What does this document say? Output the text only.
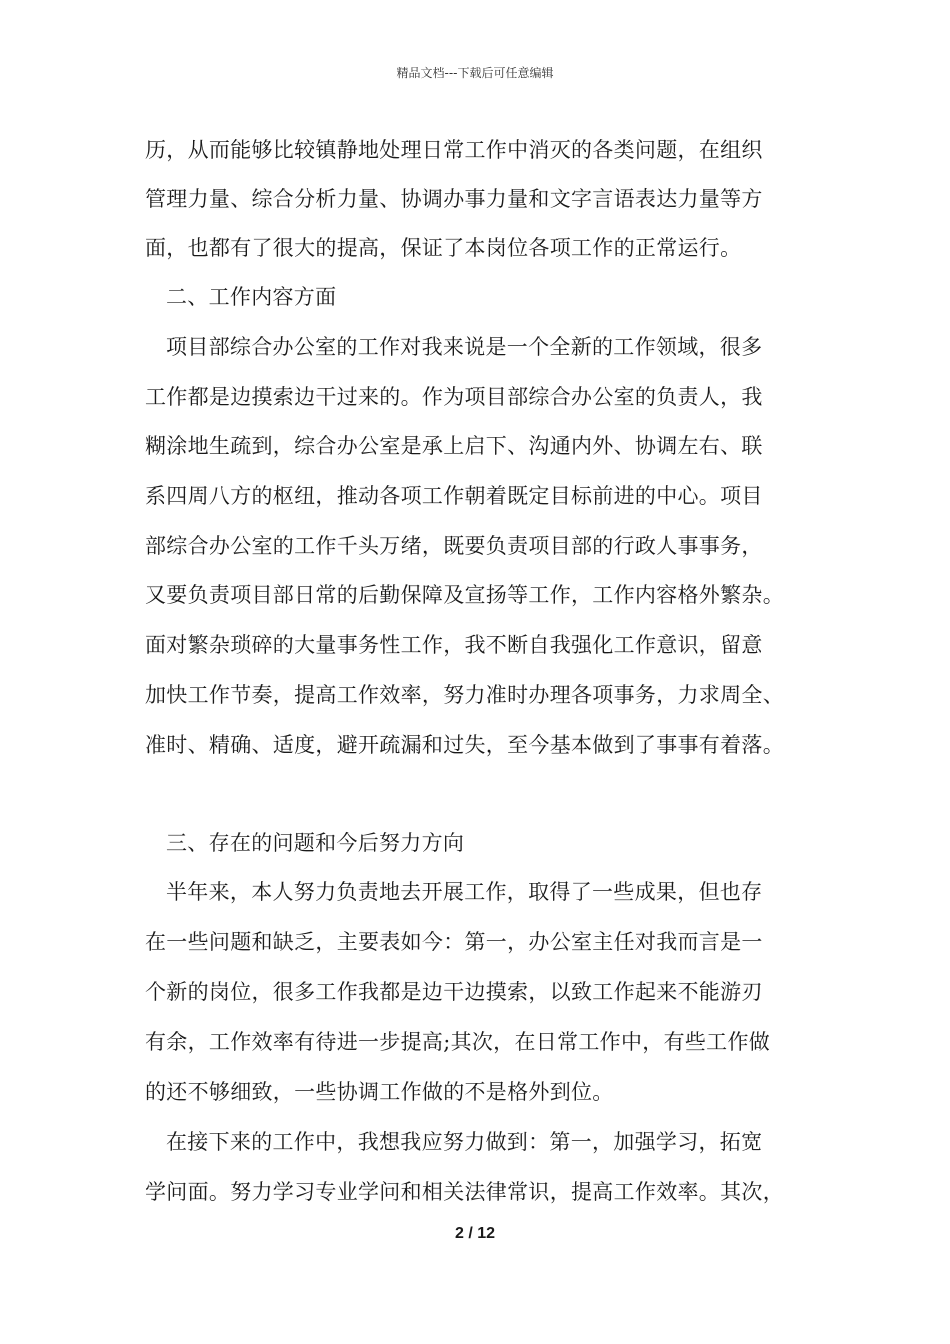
精品文档---下载后可任意编辑
历，从而能够比较镇静地处理日常工作中消灭的各类问题，在组织
管理力量、综合分析力量、协调办事力量和文字言语表达力量等方
面，也都有了很大的提高，保证了本岗位各项工作的正常运行。
二、工作内容方面
项目部综合办公室的工作对我来说是一个全新的工作领域，很多
工作都是边摸索边干过来的。作为项目部综合办公室的负责人，我
糊涂地生疏到，综合办公室是承上启下、沟通内外、协调左右、联
系四周八方的枢纽，推动各项工作朝着既定目标前进的中心。项目
部综合办公室的工作千头万绪，既要负责项目部的行政人事事务，
又要负责项目部日常的后勤保障及宣扬等工作，工作内容格外繁杂。
面对繁杂琐碎的大量事务性工作，我不断自我强化工作意识，留意
加快工作节奏，提高工作效率，努力准时办理各项事务，力求周全、
准时、精确、适度，避开疏漏和过失，至今基本做到了事事有着落。
三、存在的问题和今后努力方向
半年来，本人努力负责地去开展工作，取得了一些成果，但也存
在一些问题和缺乏，主要表如今：第一，办公室主任对我而言是一
个新的岗位，很多工作我都是边干边摸索，以致工作起来不能游刃
有余，工作效率有待进一步提高;其次，在日常工作中，有些工作做
的还不够细致，一些协调工作做的不是格外到位。
在接下来的工作中，我想我应努力做到：第一，加强学习，拓宽
学问面。努力学习专业学问和相关法律常识，提高工作效率。其次，
2 / 12
